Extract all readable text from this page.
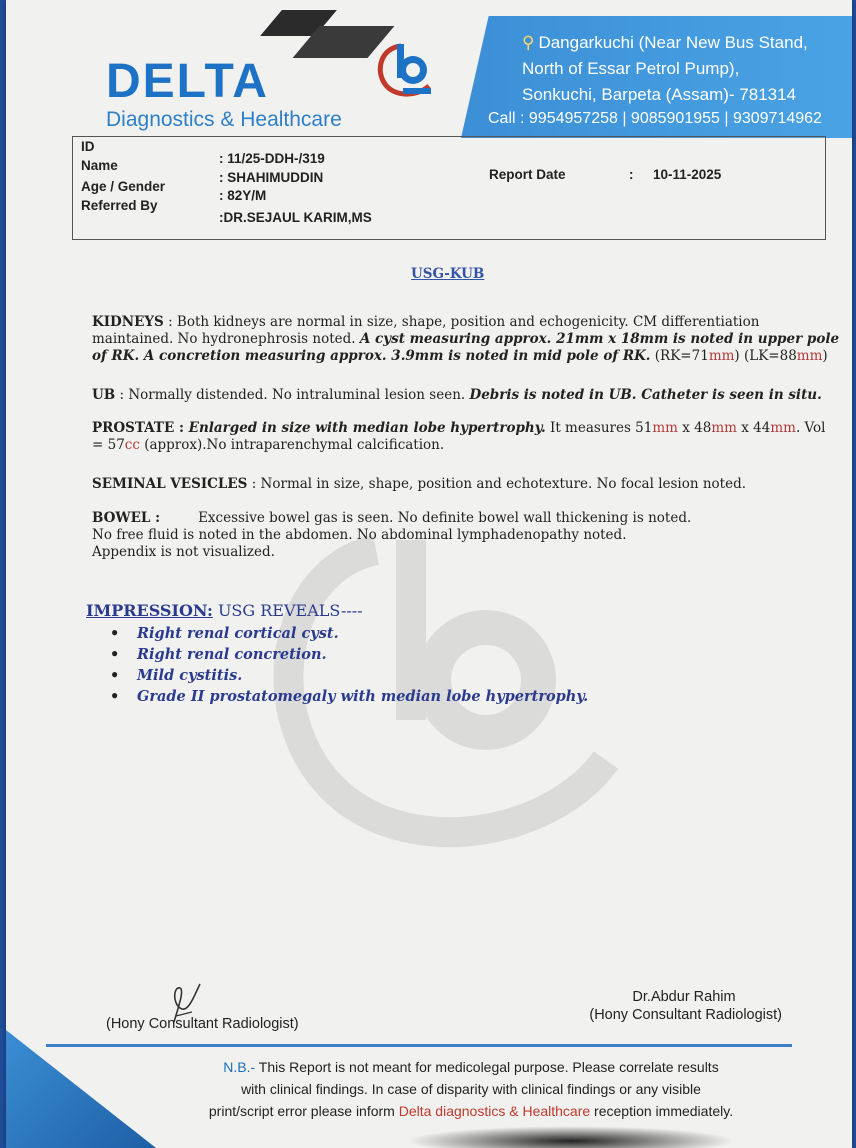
⚲ Dangarkuchi (Near New Bus Stand,
North of Essar Petrol Pump),
Sonkuchi, Barpeta (Assam)- 781314
Call : 9954957258 | 9085901955 | 9309714962
DELTA
Diagnostics & Healthcare
ID
: 11/25-DDH-/319
Name
: SHAHIMUDDIN
Age / Gender
: 82Y/M
Referred By
:DR.SEJAUL KARIM,MS
Report Date	: 10-11-2025
USG-KUB
KIDNEYS : Both kidneys are normal in size, shape, position and echogenicity. CM differentiation maintained. No hydronephrosis noted. A cyst measuring approx. 21mm x 18mm is noted in upper pole of RK. A concretion measuring approx. 3.9mm is noted in mid pole of RK. (RK=71mm) (LK=88mm)
UB : Normally distended. No intraluminal lesion seen. Debris is noted in UB. Catheter is seen in situ.
PROSTATE : Enlarged in size with median lobe hypertrophy. It measures 51mm x 48mm x 44mm. Vol = 57cc (approx).No intraparenchymal calcification.
SEMINAL VESICLES : Normal in size, shape, position and echotexture. No focal lesion noted.
BOWEL :	Excessive bowel gas is seen. No definite bowel wall thickening is noted.
No free fluid is noted in the abdomen. No abdominal lymphadenopathy noted.
Appendix is not visualized.
IMPRESSION: USG REVEALS----
• Right renal cortical cyst.
• Right renal concretion.
• Mild cystitis.
• Grade II prostatomegaly with median lobe hypertrophy.
(Hony Consultant Radiologist)
Dr.Abdur Rahim
(Hony Consultant Radiologist)
N.B.- This Report is not meant for medicolegal purpose. Please correlate results
with clinical findings. In case of disparity with clinical findings or any visible
print/script error please inform Delta diagnostics & Healthcare reception immediately.
